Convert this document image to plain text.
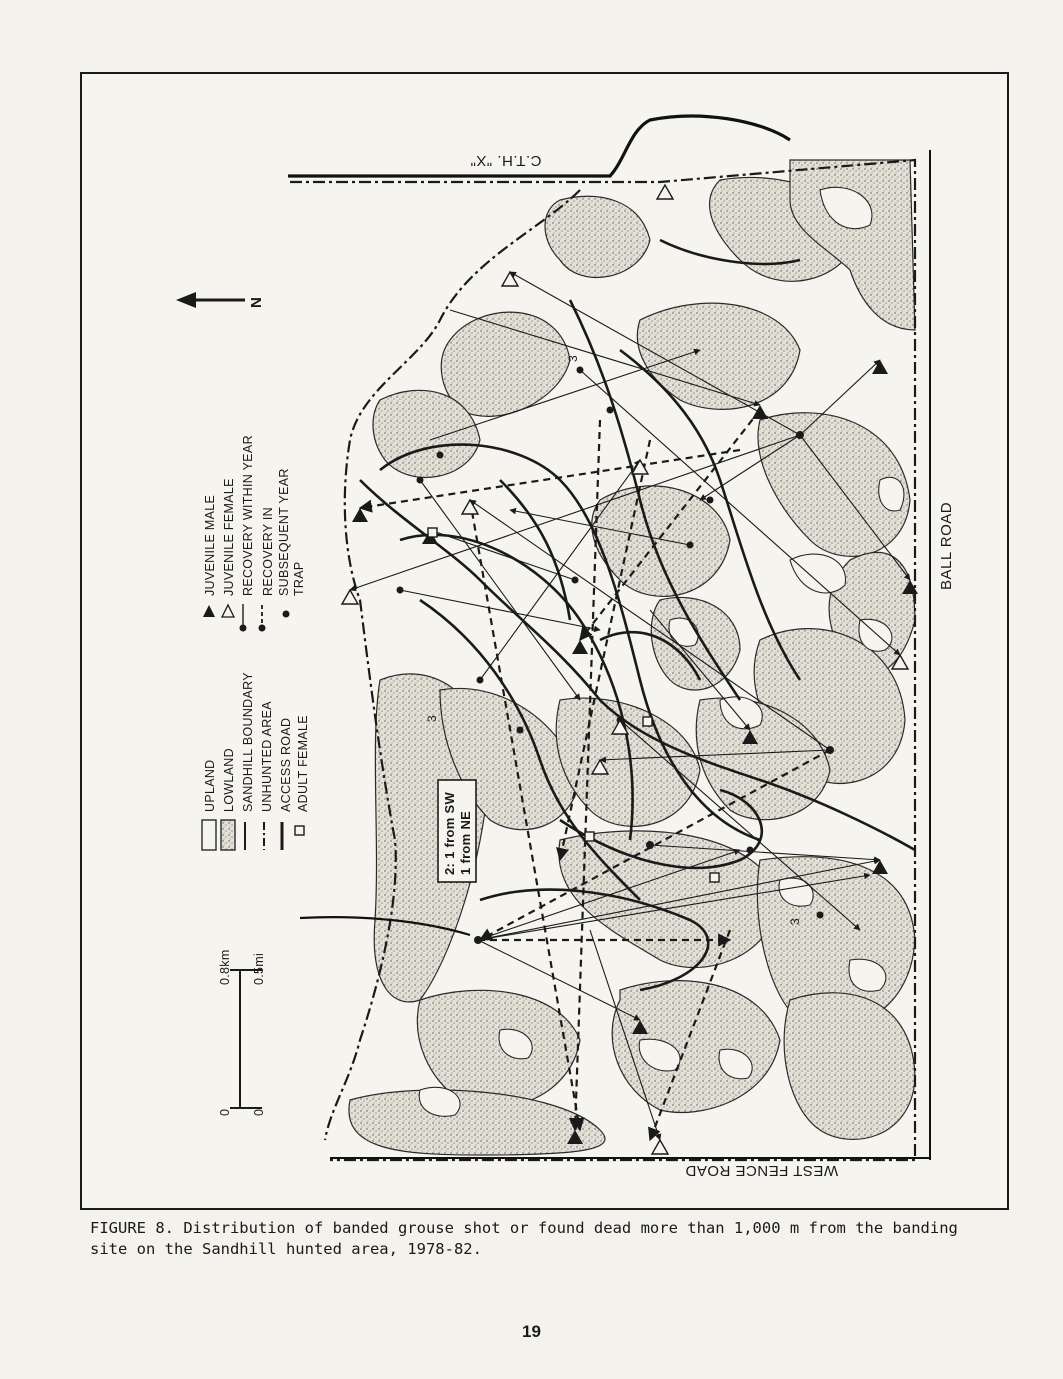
C.T.H. "X"
BALL ROAD
WEST FENCE ROAD
N
0
0.8km
0
0.5mi
UPLAND LOWLAND SANDHILL BOUNDARY UNHUNTED AREA ACCESS ROAD ADULT FEMALE
JUVENILE MALE JUVENILE FEMALE RECOVERY WITHIN YEAR RECOVERY IN SUBSEQUENT YEAR TRAP
2: 1 from SW 1 from NE
3
3
3
FIGURE 8. Distribution of banded grouse shot or found dead more than 1,000 m from the banding site on the Sandhill hunted area, 1978-82.
19
